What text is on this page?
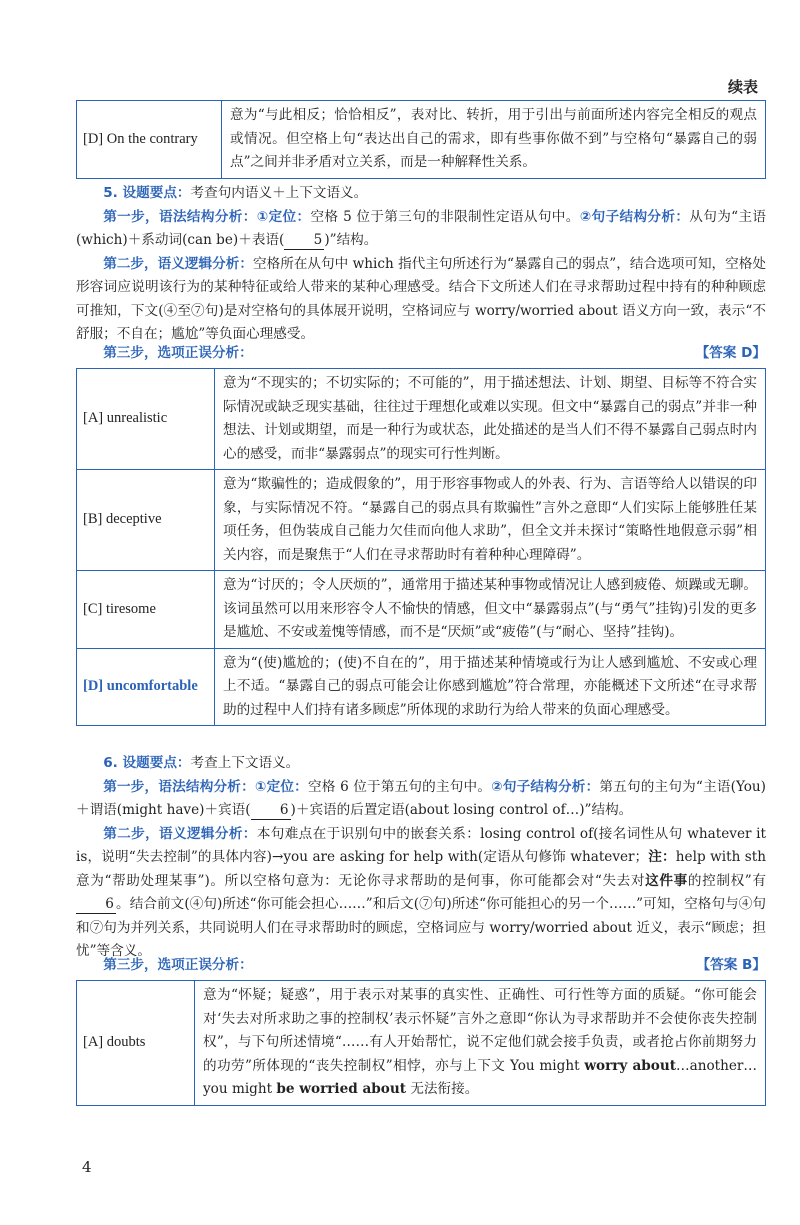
续表
[D] On the contrary	意为“与此相反；恰恰相反”，表对比、转折，用于引出与前面所述内容完全相反的观点或情况。但空格上句“表达出自己的需求，即有些事你做不到”与空格句“暴露自己的弱点”之间并非矛盾对立关系，而是一种解释性关系。
5. 设题要点：考查句内语义＋上下文语义。
第一步，语法结构分析：①定位：空格 5 位于第三句的非限制性定语从句中。②句子结构分析：从句为“主语(which)＋系动词(can be)＋表语( 5 )”结构。
第二步，语义逻辑分析：空格所在从句中 which 指代主句所述行为“暴露自己的弱点”，结合选项可知，空格处形容词应说明该行为的某种特征或给人带来的某种心理感受。结合下文所述人们在寻求帮助过程中持有的种种顾虑可推知，下文(④至⑦句)是对空格句的具体展开说明，空格词应与 worry/worried about 语义方向一致，表示“不舒服；不自在；尴尬”等负面心理感受。
第三步，选项正误分析：	【答案 D】
[A] unrealistic	意为“不现实的；不切实际的；不可能的”，用于描述想法、计划、期望、目标等不符合实际情况或缺乏现实基础，往往过于理想化或难以实现。但文中“暴露自己的弱点”并非一种想法、计划或期望，而是一种行为或状态，此处描述的是当人们不得不暴露自己弱点时内心的感受，而非“暴露弱点”的现实可行性判断。
[B] deceptive	意为“欺骗性的；造成假象的”，用于形容事物或人的外表、行为、言语等给人以错误的印象，与实际情况不符。“暴露自己的弱点具有欺骗性”言外之意即“人们实际上能够胜任某项任务，但伪装成自己能力欠佳而向他人求助”，但全文并未探讨“策略性地假意示弱”相关内容，而是聚焦于“人们在寻求帮助时有着种种心理障碍”。
[C] tiresome	意为“讨厌的；令人厌烦的”，通常用于描述某种事物或情况让人感到疲倦、烦躁或无聊。该词虽然可以用来形容令人不愉快的情感，但文中“暴露弱点”(与“勇气”挂钩)引发的更多是尴尬、不安或羞愧等情感，而不是“厌烦”或“疲倦”(与“耐心、坚持”挂钩)。
[D] uncomfortable	意为“(使)尴尬的；(使)不自在的”，用于描述某种情境或行为让人感到尴尬、不安或心理上不适。“暴露自己的弱点可能会让你感到尴尬”符合常理，亦能概述下文所述“在寻求帮助的过程中人们持有诸多顾虑”所体现的求助行为给人带来的负面心理感受。
6. 设题要点：考查上下文语义。
第一步，语法结构分析：①定位：空格 6 位于第五句的主句中。②句子结构分析：第五句的主句为“主语(You)＋谓语(might have)＋宾语( 6 )＋宾语的后置定语(about losing control of…)”结构。
第二步，语义逻辑分析：本句难点在于识别句中的嵌套关系：losing control of(接名词性从句 whatever it is，说明“失去控制”的具体内容)→you are asking for help with(定语从句修饰 whatever；注：help with sth 意为“帮助处理某事”)。所以空格句意为：无论你寻求帮助的是何事，你可能都会对“失去对这件事的控制权”有6 。结合前文(④句)所述“你可能会担心……”和后文(⑦句)所述“你可能担心的另一个……”可知，空格句与④句和⑦句为并列关系，共同说明人们在寻求帮助时的顾虑，空格词应与 worry/worried about 近义，表示“顾虑；担忧”等含义。
第三步，选项正误分析：	【答案 B】
[A] doubts	意为“怀疑；疑惑”，用于表示对某事的真实性、正确性、可行性等方面的质疑。“你可能会对‘失去对所求助之事的控制权’表示怀疑”言外之意即“你认为寻求帮助并不会使你丧失控制权”，与下句所述情境“……有人开始帮忙，说不定他们就会接手负责，或者抢占你前期努力的功劳”所体现的“丧失控制权”相悖，亦与上下文 You might worry about…another…you might be worried about 无法衔接。
4
